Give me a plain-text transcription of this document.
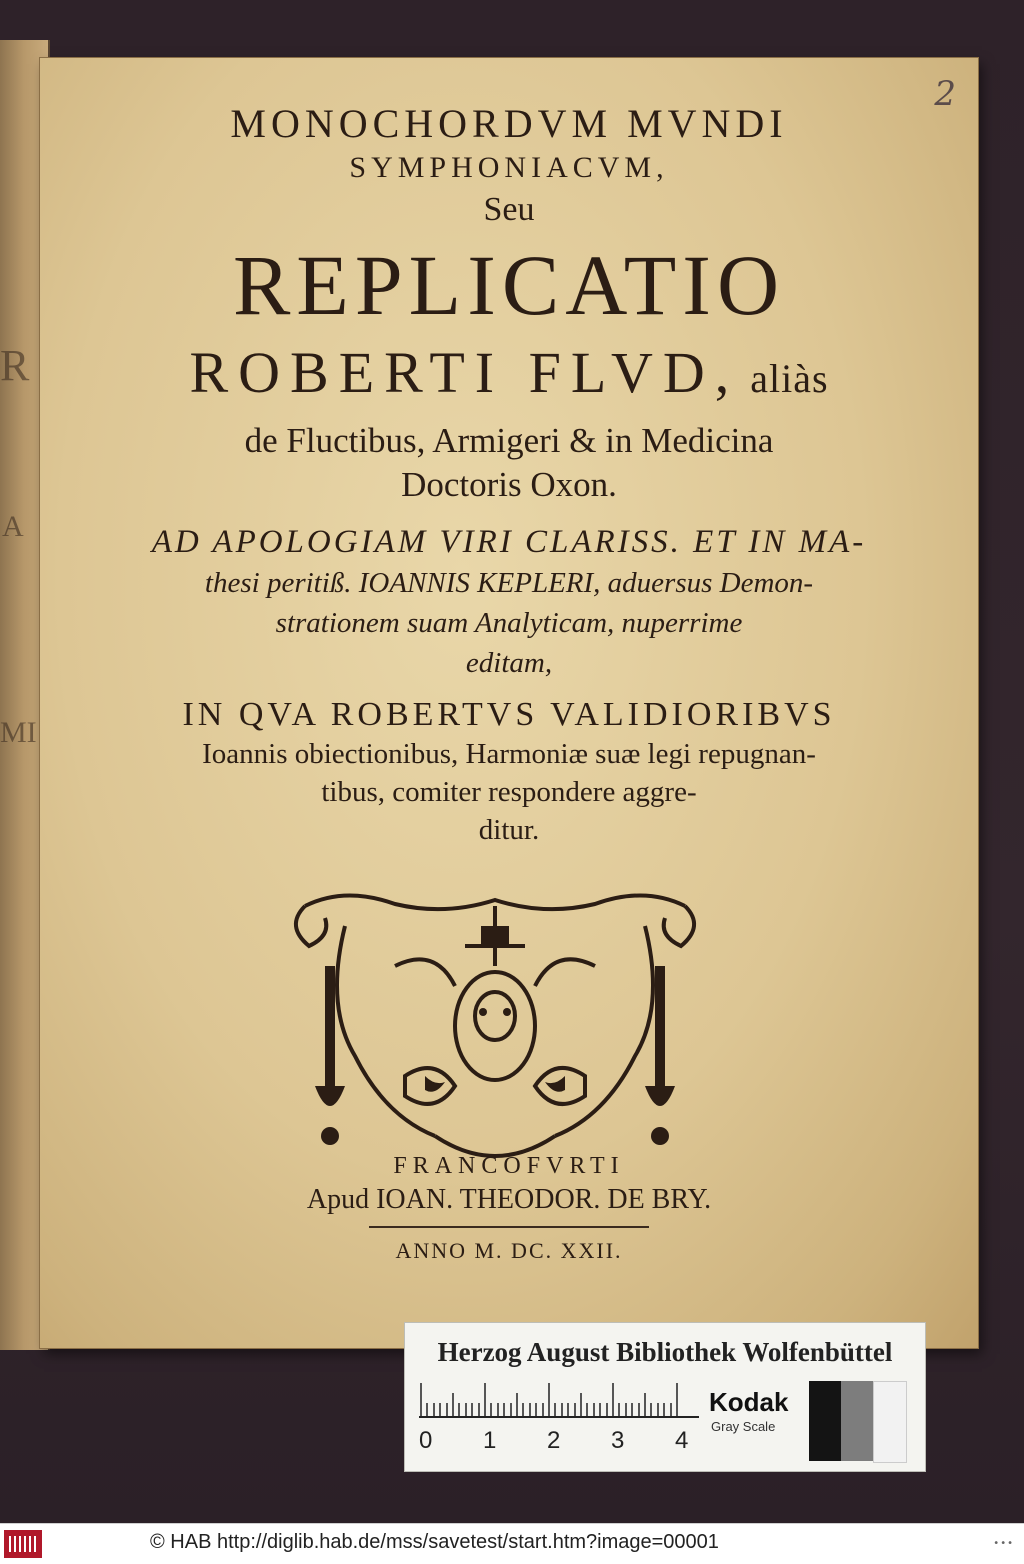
R
A
MI
2
MONOCHORDVM MVNDI
SYMPHONIACVM,
Seu
REPLICATIO
ROBERTI FLVD, aliàs
de Fluctibus, Armigeri & in Medicina
Doctoris Oxon.
AD APOLOGIAM VIRI CLARISS. ET IN MA-
thesi peritiß. IOANNIS KEPLERI, aduersus Demon-
strationem suam Analyticam, nuperrime
editam,
IN QVA ROBERTVS VALIDIORIBVS
Ioannis obiectionibus, Harmoniæ suæ legi repugnan-
tibus, comiter respondere aggre-
ditur.
FRANCOFVRTI
Apud IOAN. THEODOR. DE BRY.
ANNO M. DC. XXII.
Herzog August Bibliothek Wolfenbüttel
0 1 2 3 4
Kodak
Gray Scale
© HAB http://diglib.hab.de/mss/savetest/start.htm?image=00001	•••
